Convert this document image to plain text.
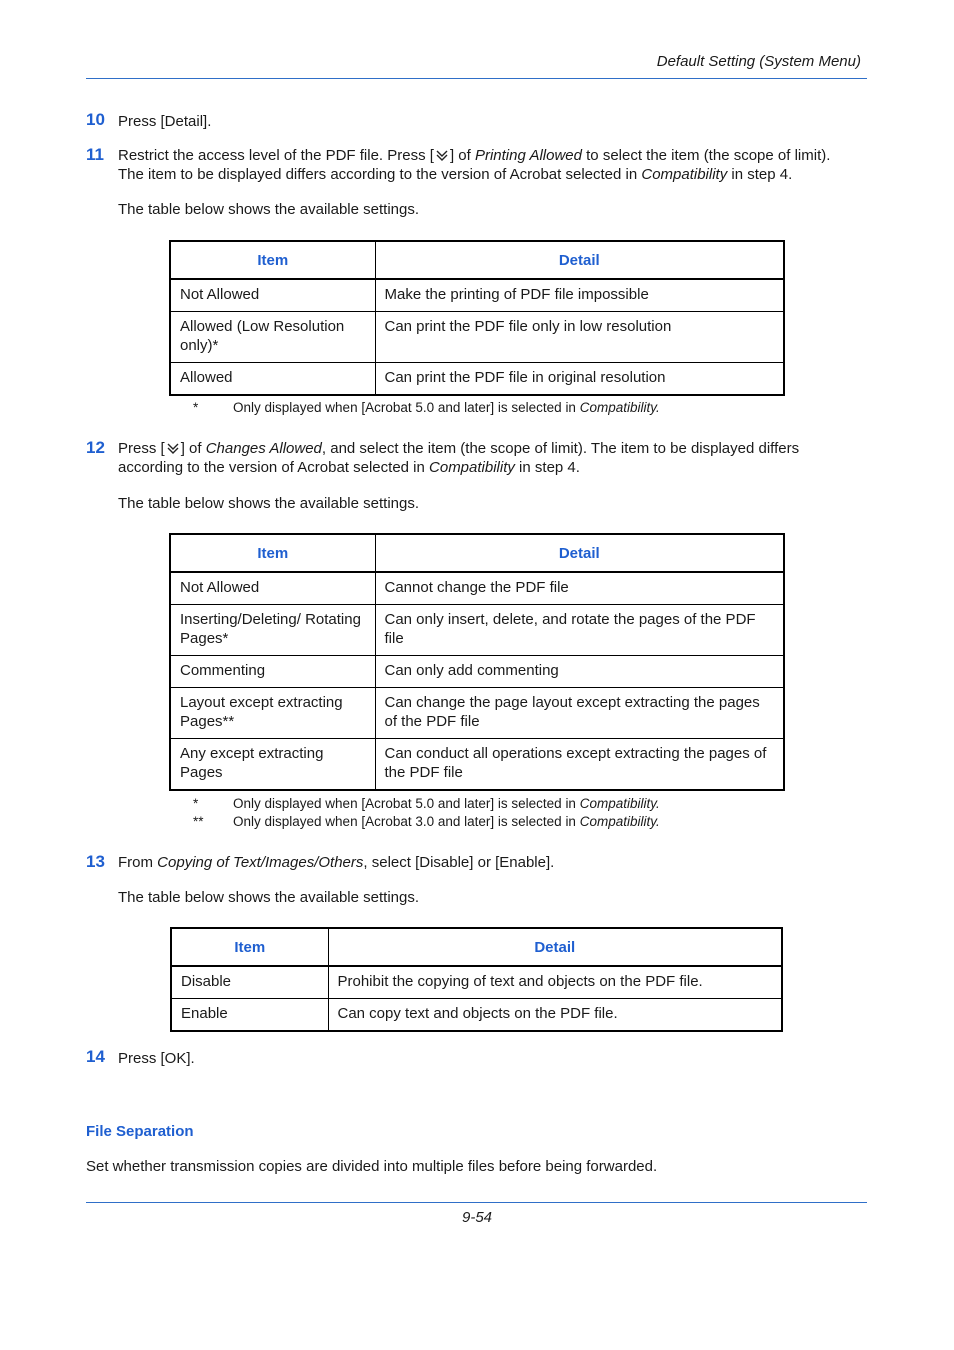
Default Setting (System Menu)
10 Press [Detail].
11 Restrict the access level of the PDF file. Press [ ] of Printing Allowed to select the item (the scope of limit).
The item to be displayed differs according to the version of Acrobat selected in Compatibility in step 4.
The table below shows the available settings.
Item	Detail
Not Allowed	Make the printing of PDF file impossible
Allowed (Low Resolution only)*	Can print the PDF file only in low resolution
Allowed	Can print the PDF file in original resolution
*	Only displayed when [Acrobat 5.0 and later] is selected in Compatibility.
12 Press [ ] of Changes Allowed, and select the item (the scope of limit). The item to be displayed differs
according to the version of Acrobat selected in Compatibility in step 4.
The table below shows the available settings.
Item	Detail
Not Allowed	Cannot change the PDF file
Inserting/Deleting/ Rotating Pages*	Can only insert, delete, and rotate the pages of the PDF file
Commenting	Can only add commenting
Layout except extracting Pages**	Can change the page layout except extracting the pages of the PDF file
Any except extracting Pages	Can conduct all operations except extracting the pages of the PDF file
*	Only displayed when [Acrobat 5.0 and later] is selected in Compatibility.
** Only displayed when [Acrobat 3.0 and later] is selected in Compatibility.
13 From Copying of Text/Images/Others, select [Disable] or [Enable].
The table below shows the available settings.
Item	Detail
Disable	Prohibit the copying of text and objects on the PDF file.
Enable	Can copy text and objects on the PDF file.
14 Press [OK].
File Separation
Set whether transmission copies are divided into multiple files before being forwarded.
9-54
